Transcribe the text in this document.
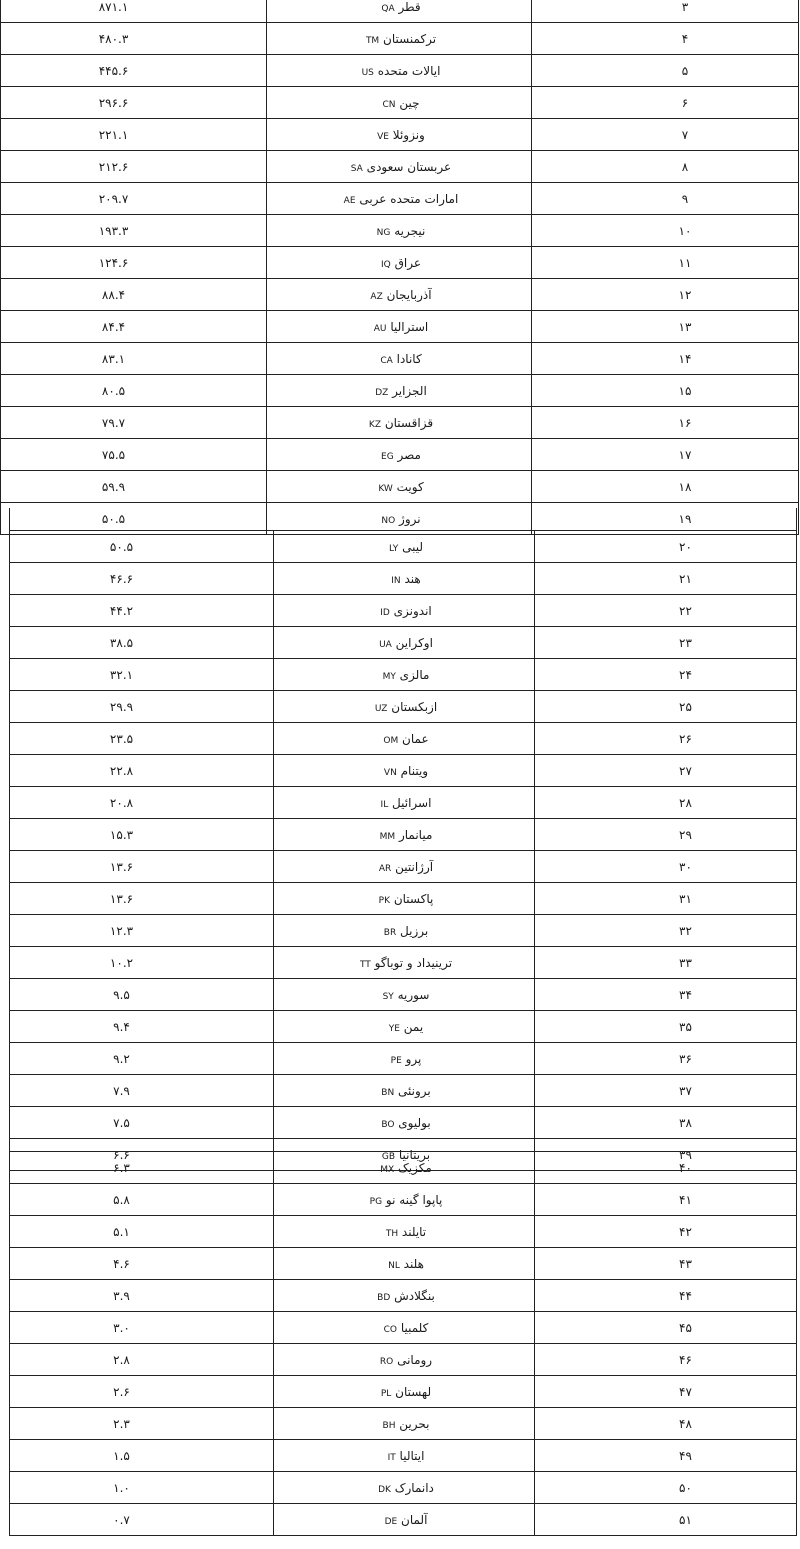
۸۷۱.۱	قطر QA	۳
۴۸۰.۳	ترکمنستان TM	۴
۴۴۵.۶	ایالات متحده US	۵
۲۹۶.۶	چین CN	۶
۲۲۱.۱	ونزوئلا VE	۷
۲۱۲.۶	عربستان سعودی SA	۸
۲۰۹.۷	امارات متحده عربی AE	۹
۱۹۳.۳	نیجریه NG	۱۰
۱۲۴.۶	عراق IQ	۱۱
۸۸.۴	آذربایجان AZ	۱۲
۸۴.۴	استرالیا AU	۱۳
۸۳.۱	کانادا CA	۱۴
۸۰.۵	الجزایر DZ	۱۵
۷۹.۷	قزاقستان KZ	۱۶
۷۵.۵	مصر EG	۱۷
۵۹.۹	کویت KW	۱۸
۵۰.۵	نروژ NO	۱۹
۵۰.۵	لیبی LY	۲۰
۴۶.۶	هند IN	۲۱
۴۴.۲	اندونزی ID	۲۲
۳۸.۵	اوکراین UA	۲۳
۳۲.۱	مالزی MY	۲۴
۲۹.۹	ازبکستان UZ	۲۵
۲۳.۵	عمان OM	۲۶
۲۲.۸	ویتنام VN	۲۷
۲۰.۸	اسرائیل IL	۲۸
۱۵.۳	میانمار MM	۲۹
۱۳.۶	آرژانتین AR	۳۰
۱۳.۶	پاکستان PK	۳۱
۱۲.۳	برزیل BR	۳۲
۱۰.۲	ترینیداد و توباگو TT	۳۳
۹.۵	سوریه SY	۳۴
۹.۴	یمن YE	۳۵
۹.۲	پرو PE	۳۶
۷.۹	برونئی BN	۳۷
۷.۵	بولیوی BO	۳۸
۶.۶	بریتانیا GB	۳۹
۶.۳	مکزیک MX	۴۰
۵.۸	پاپوا گینه نو PG	۴۱
۵.۱	تایلند TH	۴۲
۴.۶	هلند NL	۴۳
۳.۹	بنگلادش BD	۴۴
۳.۰	کلمبیا CO	۴۵
۲.۸	رومانی RO	۴۶
۲.۶	لهستان PL	۴۷
۲.۳	بحرین BH	۴۸
۱.۵	ایتالیا IT	۴۹
۱.۰	دانمارک DK	۵۰
۰.۷	آلمان DE	۵۱
